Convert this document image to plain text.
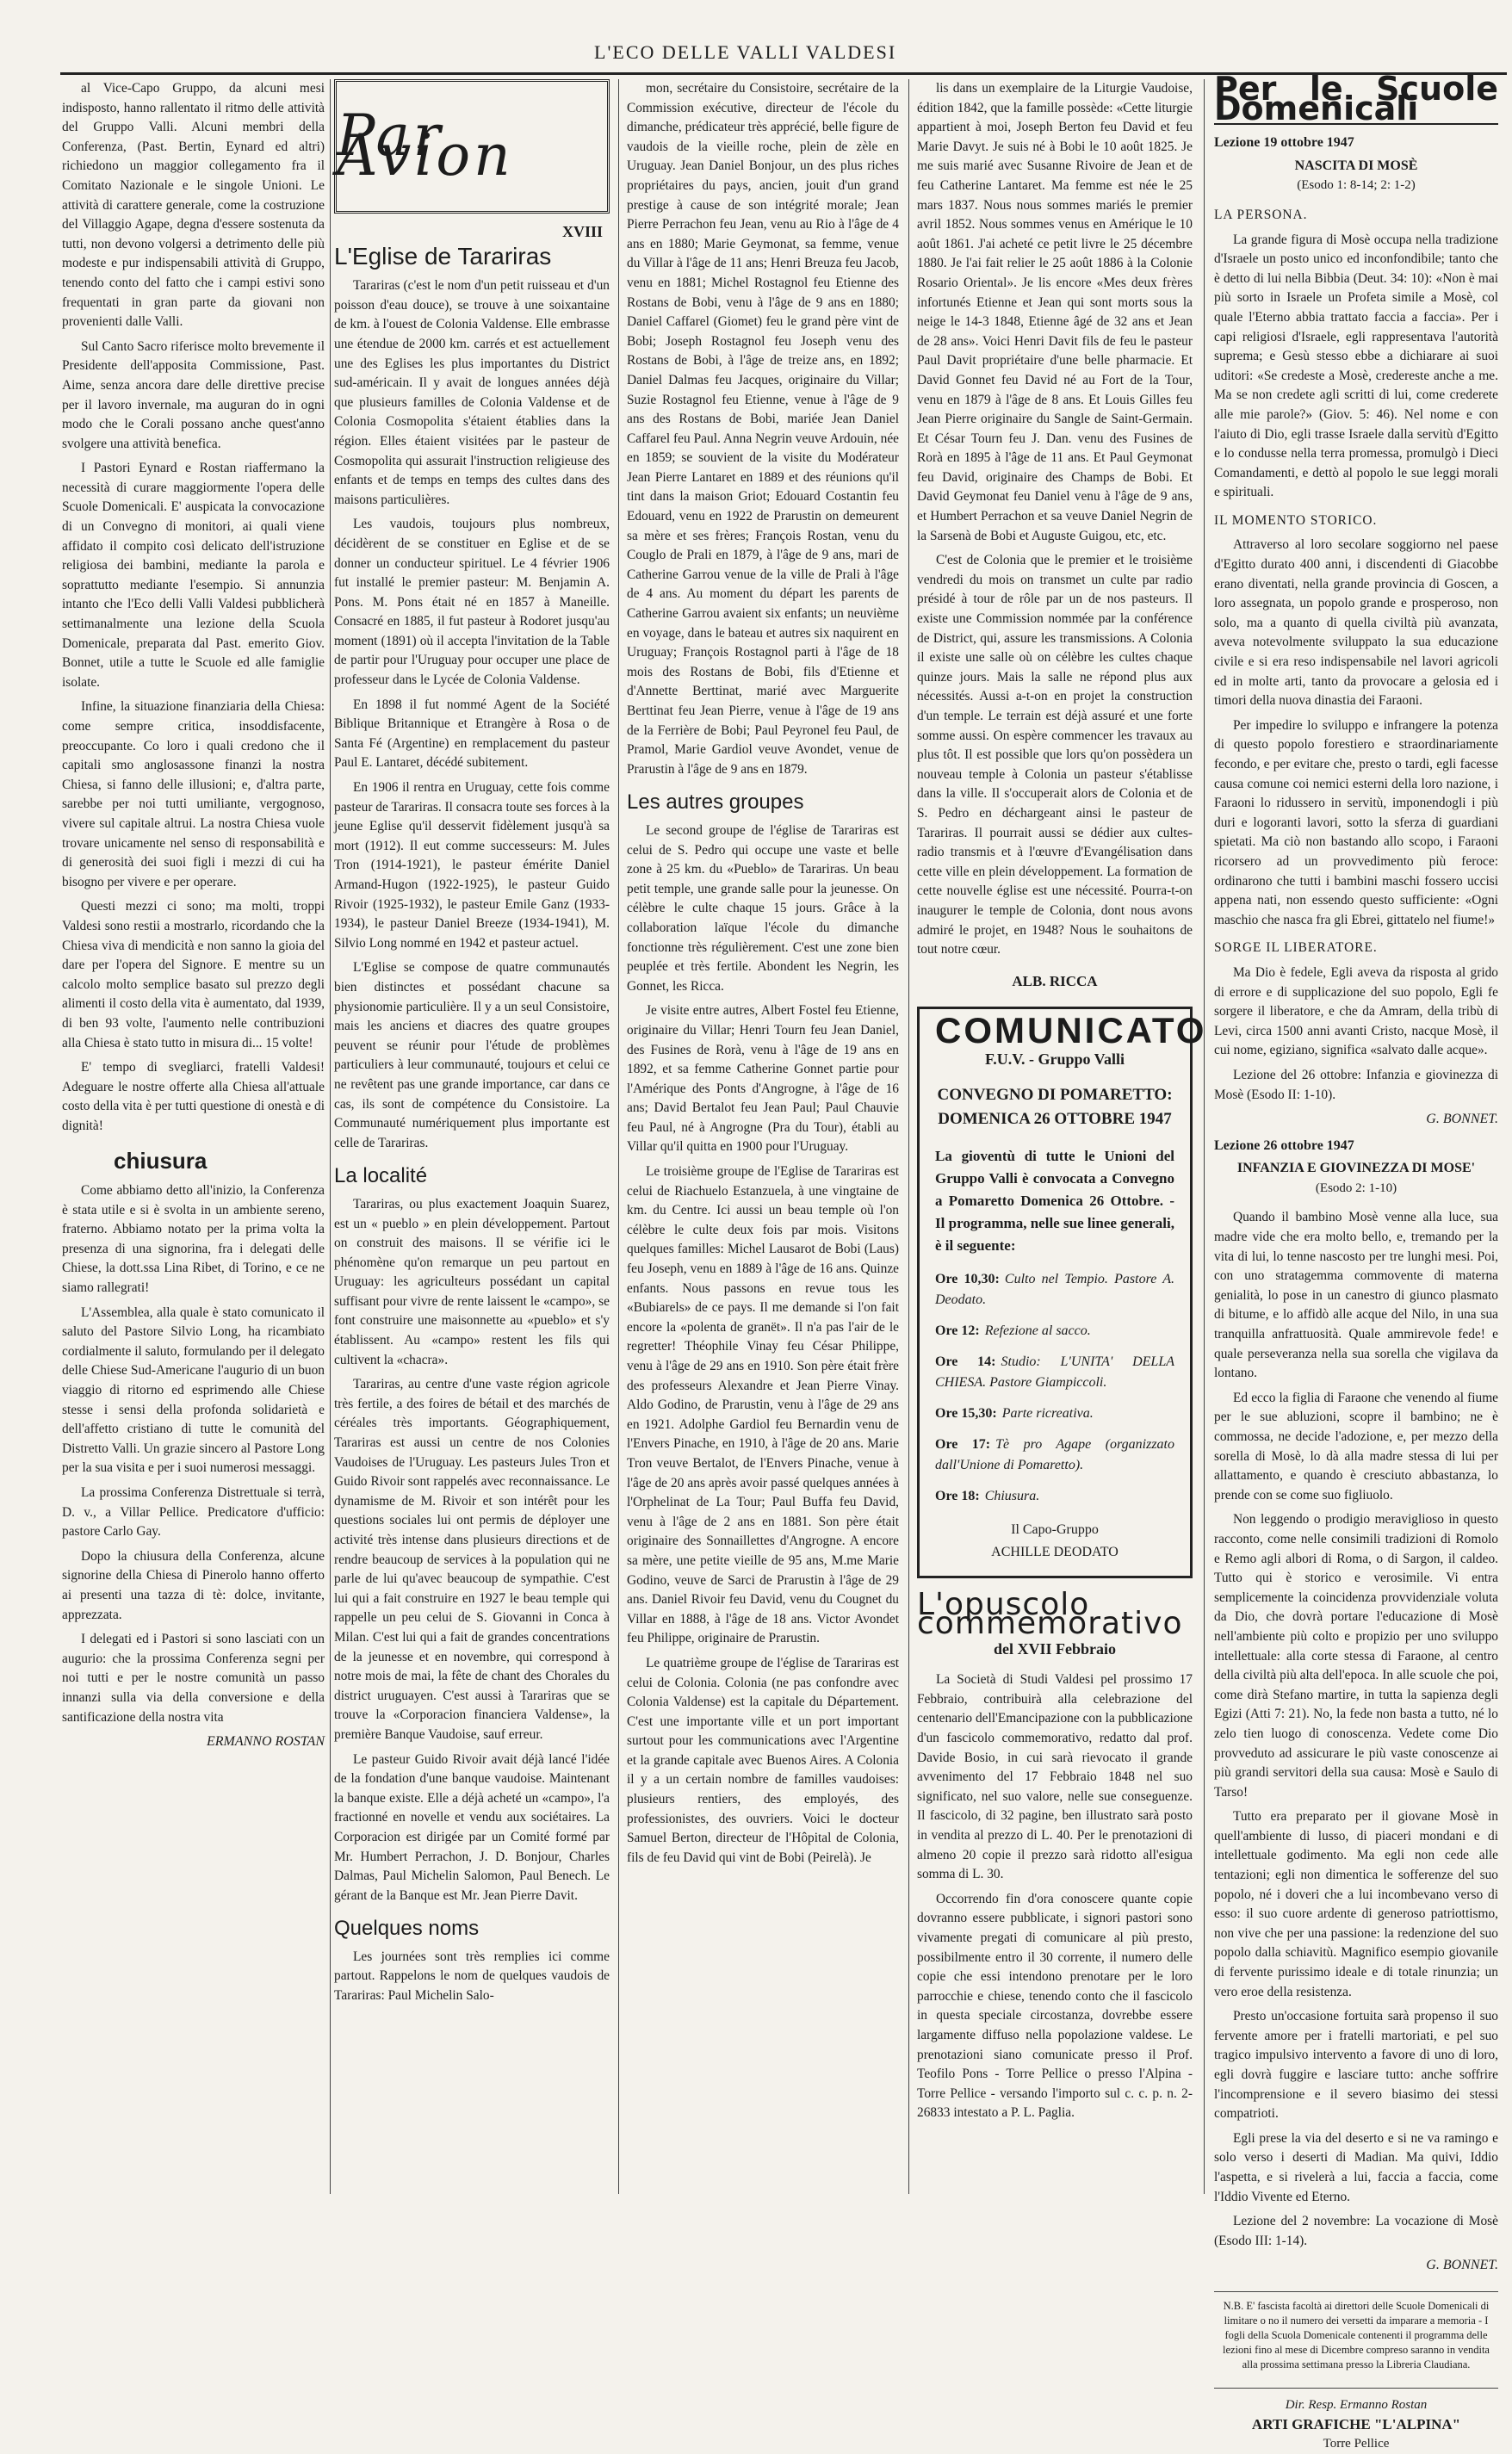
L'ECO DELLE VALLI VALDESI

al Vice-Capo Gruppo, da alcuni mesi indisposto, hanno rallentato il ritmo delle attività del Gruppo Valli. Alcuni membri della Conferenza, (Past. Bertin, Eynard ed altri) richiedono un maggior collegamento fra il Comitato Nazionale e le singole Unioni. Le attività di carattere generale, come la costruzione del Villaggio Agape, degna d'essere sostenuta da tutti, non devono volgersi a detrimento delle più modeste e pur indispensabili attività di Gruppo, tenendo conto del fatto che i campi estivi sono frequentati in gran parte da giovani non provenienti dalle Valli.

Sul Canto Sacro riferisce molto brevemente il Presidente dell'apposita Commissione, Past. Aime, senza ancora dare delle direttive precise per il lavoro invernale, ma auguran do in ogni modo che le Corali possano anche quest'anno svolgere una attività benefica.

I Pastori Eynard e Rostan riaffermano la necessità di curare maggiormente l'opera delle Scuole Domenicali. E' auspicata la convocazione di un Convegno di monitori, ai quali viene affidato il compito così delicato dell'istruzione religiosa dei bambini, mediante la parola e soprattutto mediante l'esempio. Si annunzia intanto che l'Eco delli Valli Valdesi pubblicherà settimanalmente una lezione della Scuola Domenicale, preparata dal Past. emerito Giov. Bonnet, utile a tutte le Scuole ed alle famiglie isolate.

Infine, la situazione finanziaria della Chiesa: come sempre critica, insoddisfacente, preoccupante. Co loro i quali credono che il capitali smo anglosassone finanzi la nostra Chiesa, si fanno delle illusioni; e, d'altra parte, sarebbe per noi tutti umiliante, vergognoso, vivere sul capitale altrui. La nostra Chiesa vuole trovare unicamente nel senso di responsabilità e di generosità dei suoi figli i mezzi di cui ha bisogno per vivere e per operare.

Questi mezzi ci sono; ma molti, troppi Valdesi sono restii a mostrarlo, ricordando che la Chiesa viva di mendicità e non sanno la gioia del dare per l'opera del Signore. E mentre su un calcolo molto semplice basato sul prezzo degli alimenti il costo della vita è aumentato, dal 1939, di ben 93 volte, l'aumento nelle contribuzioni alla Chiesa è stato tutto in misura di... 15 volte!

E' tempo di svegliarci, fratelli Valdesi! Adeguare le nostre offerte alla Chiesa all'attuale costo della vita è per tutti questione di onestà e di dignità!

chiusura

Come abbiamo detto all'inizio, la Conferenza è stata utile e si è svolta in un ambiente sereno, fraterno. Abbiamo notato per la prima volta la presenza di una signorina, fra i delegati delle Chiese, la dott.ssa Lina Ribet, di Torino, e ce ne siamo rallegrati!

L'Assemblea, alla quale è stato comunicato il saluto del Pastore Silvio Long, ha ricambiato cordialmente il saluto, formulando per il delegato delle Chiese Sud-Americane l'augurio di un buon viaggio di ritorno ed esprimendo alle Chiese stesse i sensi della profonda solidarietà e dell'affetto cristiano di tutte le comunità del Distretto Valli. Un grazie sincero al Pastore Long per la sua visita e per i suoi numerosi messaggi.

La prossima Conferenza Distrettuale si terrà, D. v., a Villar Pellice. Predicatore d'ufficio: pastore Carlo Gay.

Dopo la chiusura della Conferenza, alcune signorine della Chiesa di Pinerolo hanno offerto ai presenti una tazza di tè: dolce, invitante, apprezzata.

I delegati ed i Pastori si sono lasciati con un augurio: che la prossima Conferenza segni per noi tutti e per le nostre comunità un passo innanzi sulla via della conversione e della santificazione della nostra vita

ERMANNO ROSTAN
Par Avion
XVIII
L'Eglise de Tarariras

Tarariras (c'est le nom d'un petit ruisseau et d'un poisson d'eau douce), se trouve à une soixantaine de km. à l'ouest de Colonia Valdense. Elle embrasse une étendue de 2000 km. carrés et est actuellement une des Eglises les plus importantes du District sud-américain. Il y avait de longues années déjà que plusieurs familles de Colonia Valdense et de Colonia Cosmopolita s'étaient établies dans la région. Elles étaient visitées par le pasteur de Cosmopolita qui assurait l'instruction religieuse des enfants et de temps en temps des cultes dans des maisons particulières.

Les vaudois, toujours plus nombreux, décidèrent de se constituer en Eglise et de se donner un conducteur spirituel. Le 4 février 1906 fut installé le premier pasteur: M. Benjamin A. Pons. M. Pons était né en 1857 à Maneille. Consacré en 1885, il fut pasteur à Rodoret jusqu'au moment (1891) où il accepta l'invitation de la Table de partir pour l'Uruguay pour occuper une place de professeur dans le Lycée de Colonia Valdense.

En 1898 il fut nommé Agent de la Société Biblique Britannique et Etrangère à Rosa o de Santa Fé (Argentine) en remplacement du pasteur Paul E. Lantaret, décédé subitement.

En 1906 il rentra en Uruguay, cette fois comme pasteur de Tarariras. Il consacra toute ses forces à la jeune Eglise qu'il desservit fidèlement jusqu'à sa mort (1912). Il eut comme successeurs: M. Jules Tron (1914-1921), le pasteur émérite Daniel Armand-Hugon (1922-1925), le pasteur Guido Rivoir (1925-1932), le pasteur Emile Ganz (1933-1934), le pasteur Daniel Breeze (1934-1941), M. Silvio Long nommé en 1942 et pasteur actuel.

L'Eglise se compose de quatre communautés bien distinctes et possédant chacune sa physionomie particulière. Il y a un seul Consistoire, mais les anciens et diacres des quatre groupes peuvent se réunir pour l'étude de problèmes particuliers à leur communauté, toujours et celui ce ne revêtent pas une grande importance, car dans ce cas, ils sont de compétence du Consistoire. La Communauté numériquement plus importante est celle de Tarariras.

La localité

Tarariras, ou plus exactement Joaquin Suarez, est un « pueblo » en plein développement. Partout on construit des maisons. Il se vérifie ici le phénomène qu'on remarque un peu partout en Uruguay: les agriculteurs possédant un capital suffisant pour vivre de rente laissent le «campo», se font construire une maisonnette au «pueblo» et s'y établissent. Au «campo» restent les fils qui cultivent la «chacra».

Tarariras, au centre d'une vaste région agricole très fertile, a des foires de bétail et des marchés de céréales très importants. Géographiquement, Tarariras est aussi un centre de nos Colonies Vaudoises de l'Uruguay. Les pasteurs Jules Tron et Guido Rivoir sont rappelés avec reconnaissance. Le dynamisme de M. Rivoir et son intérêt pour les questions sociales lui ont permis de déployer une activité très intense dans plusieurs directions et de rendre beaucoup de services à la population qui ne parle de lui qu'avec beaucoup de sympathie. C'est lui qui a fait construire en 1927 le beau temple qui rappelle un peu celui de S. Giovanni in Conca à Milan. C'est lui qui a fait de grandes concentrations de la jeunesse et en novembre, qui correspond à notre mois de mai, la fête de chant des Chorales du district uruguayen. C'est aussi à Tarariras que se trouve la «Corporacion financiera Valdense», la première Banque Vaudoise, sauf erreur.

Le pasteur Guido Rivoir avait déjà lancé l'idée de la fondation d'une banque vaudoise. Maintenant la banque existe. Elle a déjà acheté un «campo», l'a fractionné en novelle et vendu aux sociétaires. La Corporacion est dirigée par un Comité formé par Mr. Humbert Perrachon, J. D. Bonjour, Charles Dalmas, Paul Michelin Salomon, Paul Benech. Le gérant de la Banque est Mr. Jean Pierre Davit.

Quelques noms

Les journées sont très remplies ici comme partout. Rappelons le nom de quelques vaudois de Tarariras: Paul Michelin Salo-

mon, secrétaire du Consistoire, secrétaire de la Commission exécutive, directeur de l'école du dimanche, prédicateur très apprécié, belle figure de vaudois de la vieille roche, plein de zèle en Uruguay. Jean Daniel Bonjour, un des plus riches propriétaires du pays, ancien, jouit d'un grand prestige à cause de son intégrité morale; Jean Pierre Perrachon feu Jean, venu au Rio à l'âge de 4 ans en 1880; Marie Geymonat, sa femme, venue du Villar à l'âge de 11 ans; Henri Breuza feu Jacob, venu en 1881; Michel Rostagnol feu Etienne des Rostans de Bobi, venu à l'âge de 9 ans en 1880; Daniel Caffarel (Giomet) feu le grand père vint de Bobi; Joseph Rostagnol feu Joseph venu des Rostans de Bobi, à l'âge de treize ans, en 1892; Daniel Dalmas feu Jacques, originaire du Villar; Suzie Rostagnol feu Etienne, venue à l'âge de 9 ans des Rostans de Bobi, mariée Jean Daniel Caffarel feu Paul. Anna Negrin veuve Ardouin, née en 1859; se souvient de la visite du Modérateur Jean Pierre Lantaret en 1889 et des réunions qu'il tint dans la maison Griot; Edouard Costantin feu Edouard, venu en 1922 de Prarustin on demeurent sa mère et ses frères; François Rostan, venu du Couglo de Prali en 1879, à l'âge de 9 ans, mari de Catherine Garrou venue de la ville de Prali à l'âge de 4 ans. Au moment du départ les parents de Catherine Garrou avaient six enfants; un neuvième en voyage, dans le bateau et autres six naquirent en Uruguay; François Rostagnol parti à l'âge de 18 mois des Rostans de Bobi, fils d'Etienne et d'Annette Berttinat, marié avec Marguerite Berttinat feu Jean Pierre, venue à l'âge de 19 ans de la Ferrière de Bobi; Paul Peyronel feu Paul, de Pramol, Marie Gardiol veuve Avondet, venue de Prarustin à l'âge de 9 ans en 1879.

Les autres groupes

Le second groupe de l'église de Tarariras est celui de S. Pedro qui occupe une vaste et belle zone à 25 km. du «Pueblo» de Tarariras. Un beau petit temple, une grande salle pour la jeunesse. On célèbre le culte chaque 15 jours. Grâce à la collaboration laïque l'école du dimanche fonctionne très régulièrement. C'est une zone bien peuplée et très fertile. Abondent les Negrin, les Gonnet, les Ricca.

Je visite entre autres, Albert Fostel feu Etienne, originaire du Villar; Henri Tourn feu Jean Daniel, des Fusines de Rorà, venu à l'âge de 19 ans en 1892, et sa femme Catherine Gonnet partie pour l'Amérique des Ponts d'Angrogne, à l'âge de 16 ans; David Bertalot feu Jean Paul; Paul Chauvie feu Paul, né à Angrogne (Pra du Tour), établi au Villar qu'il quitta en 1900 pour l'Uruguay.

Le troisième groupe de l'Eglise de Tarariras est celui de Riachuelo Estanzuela, à une vingtaine de km. du Centre. Ici aussi un beau temple où l'on célèbre le culte deux fois par mois. Visitons quelques familles: Michel Lausarot de Bobi (Laus) feu Joseph, venu en 1889 à l'âge de 16 ans. Quinze enfants. Nous passons en revue tous les «Bubiarels» de ce pays. Il me demande si l'on fait encore la «polenta de granët». Il n'a pas l'air de le regretter! Théophile Vinay feu César Philippe, venu à l'âge de 29 ans en 1910. Son père était frère des professeurs Alexandre et Jean Pierre Vinay. Aldo Godino, de Prarustin, venu à l'âge de 29 ans en 1921. Adolphe Gardiol feu Bernardin venu de l'Envers Pinache, en 1910, à l'âge de 20 ans. Marie Tron veuve Bertalot, de l'Envers Pinache, venue à l'âge de 20 ans après avoir passé quelques années à l'Orphelinat de La Tour; Paul Buffa feu David, venu à l'âge de 2 ans en 1881. Son père était originaire des Sonnaillettes d'Angrogne. A encore sa mère, une petite vieille de 95 ans, M.me Marie Godino, veuve de Sarci de Prarustin à l'âge de 29 ans. Daniel Rivoir feu David, venu du Cougnet du Villar en 1888, à l'âge de 18 ans. Victor Avondet feu Philippe, originaire de Prarustin.

Le quatrième groupe de l'église de Tarariras est celui de Colonia. Colonia (ne pas confondre avec Colonia Valdense) est la capitale du Département. C'est une importante ville et un port important surtout pour les communications avec l'Argentine et la grande capitale avec Buenos Aires. A Colonia il y a un certain nombre de familles vaudoises: plusieurs rentiers, des employés, des professionistes, des ouvriers. Voici le docteur Samuel Berton, directeur de l'Hôpital de Colonia, fils de feu David qui vint de Bobi (Peirelà). Je

lis dans un exemplaire de la Liturgie Vaudoise, édition 1842, que la famille possède: «Cette liturgie appartient à moi, Joseph Berton feu David et feu Marie Davyt. Je suis né à Bobi le 10 août 1825. Je me suis marié avec Susanne Rivoire de Jean et de feu Catherine Lantaret. Ma femme est née le 25 mars 1837. Nous nous sommes mariés le premier avril 1852. Nous sommes venus en Amérique le 10 août 1861. J'ai acheté ce petit livre le 25 décembre 1880. Je l'ai fait relier le 25 août 1886 à la Colonie Rosario Oriental». Je lis encore «Mes deux frères infortunés Etienne et Jean qui sont morts sous la neige le 14-3 1848, Etienne âgé de 32 ans et Jean de 28 ans». Voici Henri Davit fils de feu le pasteur Paul Davit propriétaire d'une belle pharmacie. Et David Gonnet feu David né au Fort de la Tour, venu en 1879 à l'âge de 8 ans. Et Louis Gilles feu Jean Pierre originaire du Sangle de Saint-Germain. Et César Tourn feu J. Dan. venu des Fusines de Rorà en 1895 à l'âge de 11 ans. Et Paul Geymonat feu David, originaire des Champs de Bobi. Et David Geymonat feu Daniel venu à l'âge de 9 ans, et Humbert Perrachon et sa veuve Daniel Negrin de la Sarsenà de Bobi et Auguste Guigou, etc, etc.

C'est de Colonia que le premier et le troisième vendredi du mois on transmet un culte par radio présidé à tour de rôle par un de nos pasteurs. Il existe une Commission nommée par la conférence de District, qui, assure les transmissions. A Colonia il existe une salle où on célèbre les cultes chaque quinze jours. Mais la salle ne répond plus aux nécessités. Aussi a-t-on en projet la construction d'un temple. Le terrain est déjà assuré et une forte somme aussi. On espère commencer les travaux au plus tôt. Il est possible que lors qu'on possèdera un nouveau temple à Colonia un pasteur s'établisse dans la ville. Il s'occuperait alors de Colonia et de S. Pedro en déchargeant ainsi le pasteur de Tarariras. Il pourrait aussi se dédier aux cultes-radio transmis et à l'œuvre d'Evangélisation dans cette ville en plein développement. La formation de cette nouvelle église est une nécessité. Pourra-t-on inaugurer le temple de Colonia, dont nous avons admiré le projet, en 1948? Nous le souhaitons de tout notre cœur.

ALB. RICCA
COMUNICATO
F.U.V. - Gruppo Valli
CONVEGNO DI POMARETTO: DOMENICA 26 OTTOBRE 1947
La gioventù di tutte le Unioni del Gruppo Valli è convocata a Convegno a Pomaretto Domenica 26 Ottobre. - Il programma, nelle sue linee generali, è il seguente:
Ore 10,30: Culto nel Tempio. Pastore A. Deodato.
Ore 12: Refezione al sacco.
Ore 14: Studio: L'UNITA' DELLA CHIESA. Pastore Giampiccoli.
Ore 15,30: Parte ricreativa.
Ore 17: Tè pro Agape (organizzato dall'Unione di Pomaretto).
Ore 18: Chiusura.
Il Capo-Gruppo
ACHILLE DEODATO
L'opuscolo commemorativo
del XVII Febbraio

La Società di Studi Valdesi pel prossimo 17 Febbraio, contribuirà alla celebrazione del centenario dell'Emancipazione con la pubblicazione d'un fascicolo commemorativo, redatto dal prof. Davide Bosio, in cui sarà rievocato il grande avvenimento del 17 Febbraio 1848 nel suo significato, nel suo valore, nelle sue conseguenze. Il fascicolo, di 32 pagine, ben illustrato sarà posto in vendita al prezzo di L. 40. Per le prenotazioni di almeno 20 copie il prezzo sarà ridotto all'esigua somma di L. 30.

Occorrendo fin d'ora conoscere quante copie dovranno essere pubblicate, i signori pastori sono vivamente pregati di comunicare al più presto, possibilmente entro il 30 corrente, il numero delle copie che essi intendono prenotare per le loro parrocchie e chiese, tenendo conto che il fascicolo in questa speciale circostanza, dovrebbe essere largamente diffuso nella popolazione valdese. Le prenotazioni siano comunicate presso il Prof. Teofilo Pons - Torre Pellice o presso l'Alpina - Torre Pellice - versando l'importo sul c. c. p. n. 2-26833 intestato a P. L. Paglia.

Per le Scuole Domenicali
Lezione 19 ottobre 1947
NASCITA DI MOSÈ
(Esodo 1: 8-14; 2: 1-2)
LA PERSONA.

La grande figura di Mosè occupa nella tradizione d'Israele un posto unico ed inconfondibile; tanto che è detto di lui nella Bibbia (Deut. 34: 10): «Non è mai più sorto in Israele un Profeta simile a Mosè, col quale l'Eterno abbia trattato faccia a faccia». Per i capi religiosi d'Israele, egli rappresentava l'autorità suprema; e Gesù stesso ebbe a dichiarare ai suoi uditori: «Se credeste a Mosè, credereste anche a me. Ma se non credete agli scritti di lui, come crederete alle mie parole?» (Giov. 5: 46). Nel nome e con l'aiuto di Dio, egli trasse Israele dalla servitù d'Egitto e lo condusse nella terra promessa, promulgò i Dieci Comandamenti, e dettò al popolo le sue leggi morali e spirituali.

IL MOMENTO STORICO.

Attraverso al loro secolare soggiorno nel paese d'Egitto durato 400 anni, i discendenti di Giacobbe erano diventati, nella grande provincia di Goscen, a loro assegnata, un popolo grande e prosperoso, non solo, ma a quanto di quella civiltà più avanzata, aveva notevolmente sviluppato la sua educazione civile e si era reso indispensabile nel lavori agricoli ed in molte arti, tanto da provocare a gelosia ed i timori della nuova dinastia dei Faraoni.

Per impedire lo sviluppo e infrangere la potenza di questo popolo forestiero e straordinariamente fecondo, e per evitare che, presto o tardi, egli facesse causa comune coi nemici esterni della loro nazione, i Faraoni lo ridussero in servitù, imponendogli i più duri e logoranti lavori, sotto la sferza di guardiani spietati. Ma ciò non bastando allo scopo, i Faraoni ricorsero ad un provvedimento più feroce: ordinarono che tutti i bambini maschi fossero uccisi appena nati, non essendo questo sufficiente: «Ogni maschio che nasca fra gli Ebrei, gittatelo nel fiume!»

SORGE IL LIBERATORE.

Ma Dio è fedele, Egli aveva da risposta al grido di errore e di supplicazione del suo popolo, Egli fe sorgere il liberatore, e che da Amram, della tribù di Levi, circa 1500 anni avanti Cristo, nacque Mosè, il cui nome, egiziano, significa «salvato dalle acque».

Lezione del 26 ottobre: Infanzia e giovinezza di Mosè (Esodo II: 1-10).

G. BONNET.
Lezione 26 ottobre 1947
INFANZIA E GIOVINEZZA DI MOSE'
(Esodo 2: 1-10)

Quando il bambino Mosè venne alla luce, sua madre vide che era molto bello, e, tremando per la vita di lui, lo tenne nascosto per tre lunghi mesi. Poi, con uno stratagemma commovente di materna genialità, lo pose in un canestro di giunco plasmato di bitume, e lo affidò alle acque del Nilo, in una sua tranquilla anfrattuosità. Quale ammirevole fede! e quale perseveranza nella sua sorella che vigilava da lontano.

Ed ecco la figlia di Faraone che venendo al fiume per le sue abluzioni, scopre il bambino; ne è commossa, ne decide l'adozione, e, per mezzo della sorella di Mosè, lo dà alla madre stessa di lui per allattamento, e quando è cresciuto abbastanza, lo prende con se come suo figliuolo.

Non leggendo o prodigio meraviglioso in questo racconto, come nelle consimili tradizioni di Romolo e Remo agli albori di Roma, o di Sargon, il caldeo. Tutto qui è storico e verosimile. Vi entra semplicemente la coincidenza provvidenziale voluta da Dio, che dovrà portare l'educazione di Mosè nell'ambiente più colto e propizio per uno sviluppo intellettuale: alla corte stessa di Faraone, al centro della civiltà più alta dell'epoca. In alle scuole che poi, come dirà Stefano martire, in tutta la sapienza degli Egizi (Atti 7: 21). No, la fede non basta a tutto, né lo zelo tien luogo di conoscenza. Vedete come Dio provveduto ad assicurare le più vaste conoscenze ai più grandi servitori della sua causa: Mosè e Saulo di Tarso!

Tutto era preparato per il giovane Mosè in quell'ambiente di lusso, di piaceri mondani e di intellettuale godimento. Ma egli non cede alle tentazioni; egli non dimentica le sofferenze del suo popolo, né i doveri che a lui incombevano verso di esso: il suo cuore ardente di generoso patriottismo, non vive che per una passione: la redenzione del suo popolo dalla schiavitù. Magnifico esempio giovanile di fervente purissimo ideale e di totale rinunzia; un vero eroe della resistenza.

Presto un'occasione fortuita sarà propenso il suo fervente amore per i fratelli martoriati, e pel suo tragico impulsivo intervento a favore di uno di loro, egli dovrà fuggire e lasciare tutto: anche soffrire l'incomprensione e il severo biasimo dei stessi compatrioti.

Egli prese la via del deserto e si ne va ramingo e solo verso i deserti di Madian. Ma quivi, Iddio l'aspetta, e si rivelerà a lui, faccia a faccia, come l'Iddio Vivente ed Eterno.

Lezione del 2 novembre: La vocazione di Mosè (Esodo III: 1-14).

G. BONNET.
N.B. E' fascista facoltà ai direttori delle Scuole Domenicali di limitare o no il numero dei versetti da imparare a memoria - I fogli della Scuola Domenicale contenenti il programma delle lezioni fino al mese di Dicembre compreso saranno in vendita alla prossima settimana presso la Libreria Claudiana.
Dir. Resp. Ermanno Rostan
ARTI GRAFICHE "L'ALPINA"
Torre Pellice
